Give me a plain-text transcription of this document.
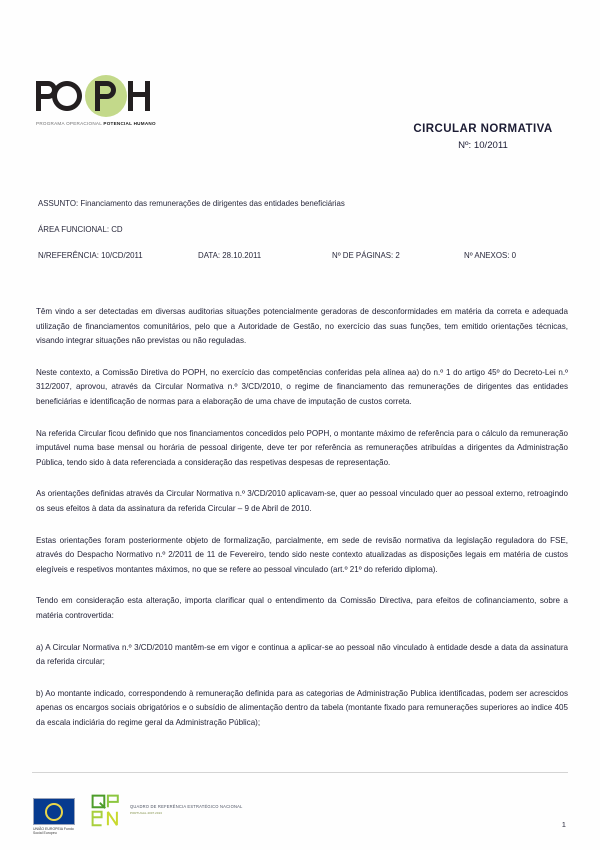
PROGRAMA OPERACIONAL POTENCIAL HUMANO	CIRCULAR NORMATIVA
Nº: 10/2011
ASSUNTO: Financiamento das remunerações de dirigentes das entidades beneficiárias
ÁREA FUNCIONAL: CD
N/REFERÊNCIA: 10/CD/2011	DATA: 28.10.2011	Nº DE PÁGINAS: 2	Nº ANEXOS: 0

Têm vindo a ser detectadas em diversas auditorias situações potencialmente geradoras de desconformidades em matéria da correta e adequada utilização de financiamentos comunitários, pelo que a Autoridade de Gestão, no exercício das suas funções, tem emitido orientações técnicas, visando integrar situações não previstas ou não reguladas.

Neste contexto, a Comissão Diretiva do POPH, no exercício das competências conferidas pela alínea aa) do n.º 1 do artigo 45º do Decreto-Lei n.º 312/2007, aprovou, através da Circular Normativa n.º 3/CD/2010, o regime de financiamento das remunerações de dirigentes das entidades beneficiárias e identificação de normas para a elaboração de uma chave de imputação de custos correta.

Na referida Circular ficou definido que nos financiamentos concedidos pelo POPH, o montante máximo de referência para o cálculo da remuneração imputável numa base mensal ou horária de pessoal dirigente, deve ter por referência as remunerações atribuídas a dirigentes da Administração Pública, tendo sido à data referenciada a consideração das respetivas despesas de representação.

As orientações definidas através da Circular Normativa n.º 3/CD/2010 aplicavam-se, quer ao pessoal vinculado quer ao pessoal externo, retroagindo os seus efeitos à data da assinatura da referida Circular – 9 de Abril de 2010.

Estas orientações foram posteriormente objeto de formalização, parcialmente, em sede de revisão normativa da legislação reguladora do FSE, através do Despacho Normativo n.º 2/2011 de 11 de Fevereiro, tendo sido neste contexto atualizadas as disposições legais em matéria de custos elegíveis e respetivos montantes máximos, no que se refere ao pessoal vinculado (art.º 21º do referido diploma).

Tendo em consideração esta alteração, importa clarificar qual o entendimento da Comissão Directiva, para efeitos de cofinanciamento, sobre a matéria controvertida:

a) A Circular Normativa n.º 3/CD/2010 mantêm-se em vigor e continua a aplicar-se ao pessoal não vinculado à entidade desde a data da assinatura da referida circular;

b) Ao montante indicado, correspondendo à remuneração definida para as categorias de Administração Publica identificadas, podem ser acrescidos apenas os encargos sociais obrigatórios e o subsídio de alimentação dentro da tabela (montante fixado para remunerações superiores ao indice 405 da escala indiciária do regime geral da Administração Pública);

UNIÃO EUROPEIA Fundo Social Europeu
QUADRO DE REFERÊNCIA ESTRATÉGICO NACIONAL
PORTUGAL 2007.2013
1
